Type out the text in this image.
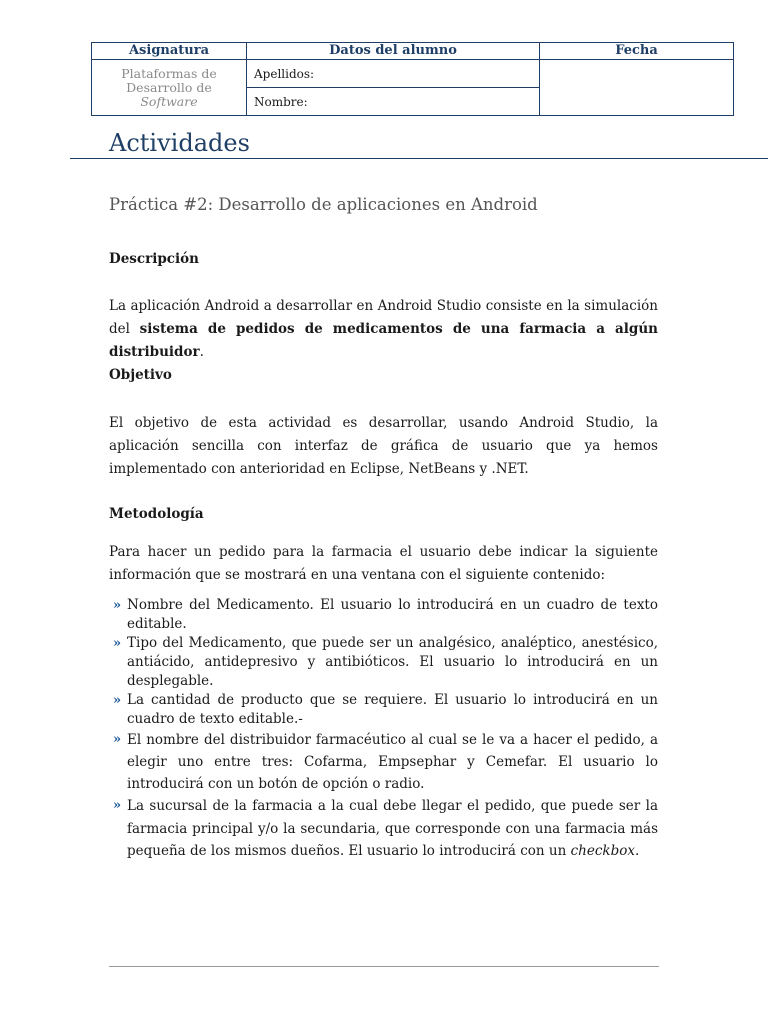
Asignatura	Datos del alumno	Fecha
Plataformas de
Desarrollo de
Software	Apellidos:	
	Nombre:	
Actividades
Práctica #2: Desarrollo de aplicaciones en Android
Descripción

La aplicación Android a desarrollar en Android Studio consiste en la simulación del sistema de pedidos de medicamentos de una farmacia a algún distribuidor.

Objetivo

El objetivo de esta actividad es desarrollar, usando Android Studio, la aplicación sencilla con interfaz de gráfica de usuario que ya hemos implementado con anterioridad en Eclipse, NetBeans y .NET.

Metodología

Para hacer un pedido para la farmacia el usuario debe indicar la siguiente información que se mostrará en una ventana con el siguiente contenido:

» Nombre del Medicamento. El usuario lo introducirá en un cuadro de texto editable.
» Tipo del Medicamento, que puede ser un analgésico, analéptico, anestésico, antiácido, antidepresivo y antibióticos. El usuario lo introducirá en un desplegable.
» La cantidad de producto que se requiere. El usuario lo introducirá en un cuadro de texto editable.-
» El nombre del distribuidor farmacéutico al cual se le va a hacer el pedido, a elegir uno entre tres: Cofarma, Empsephar y Cemefar. El usuario lo introducirá con un botón de opción o radio.
» La sucursal de la farmacia a la cual debe llegar el pedido, que puede ser la farmacia principal y/o la secundaria, que corresponde con una farmacia más pequeña de los mismos dueños. El usuario lo introducirá con un checkbox.
